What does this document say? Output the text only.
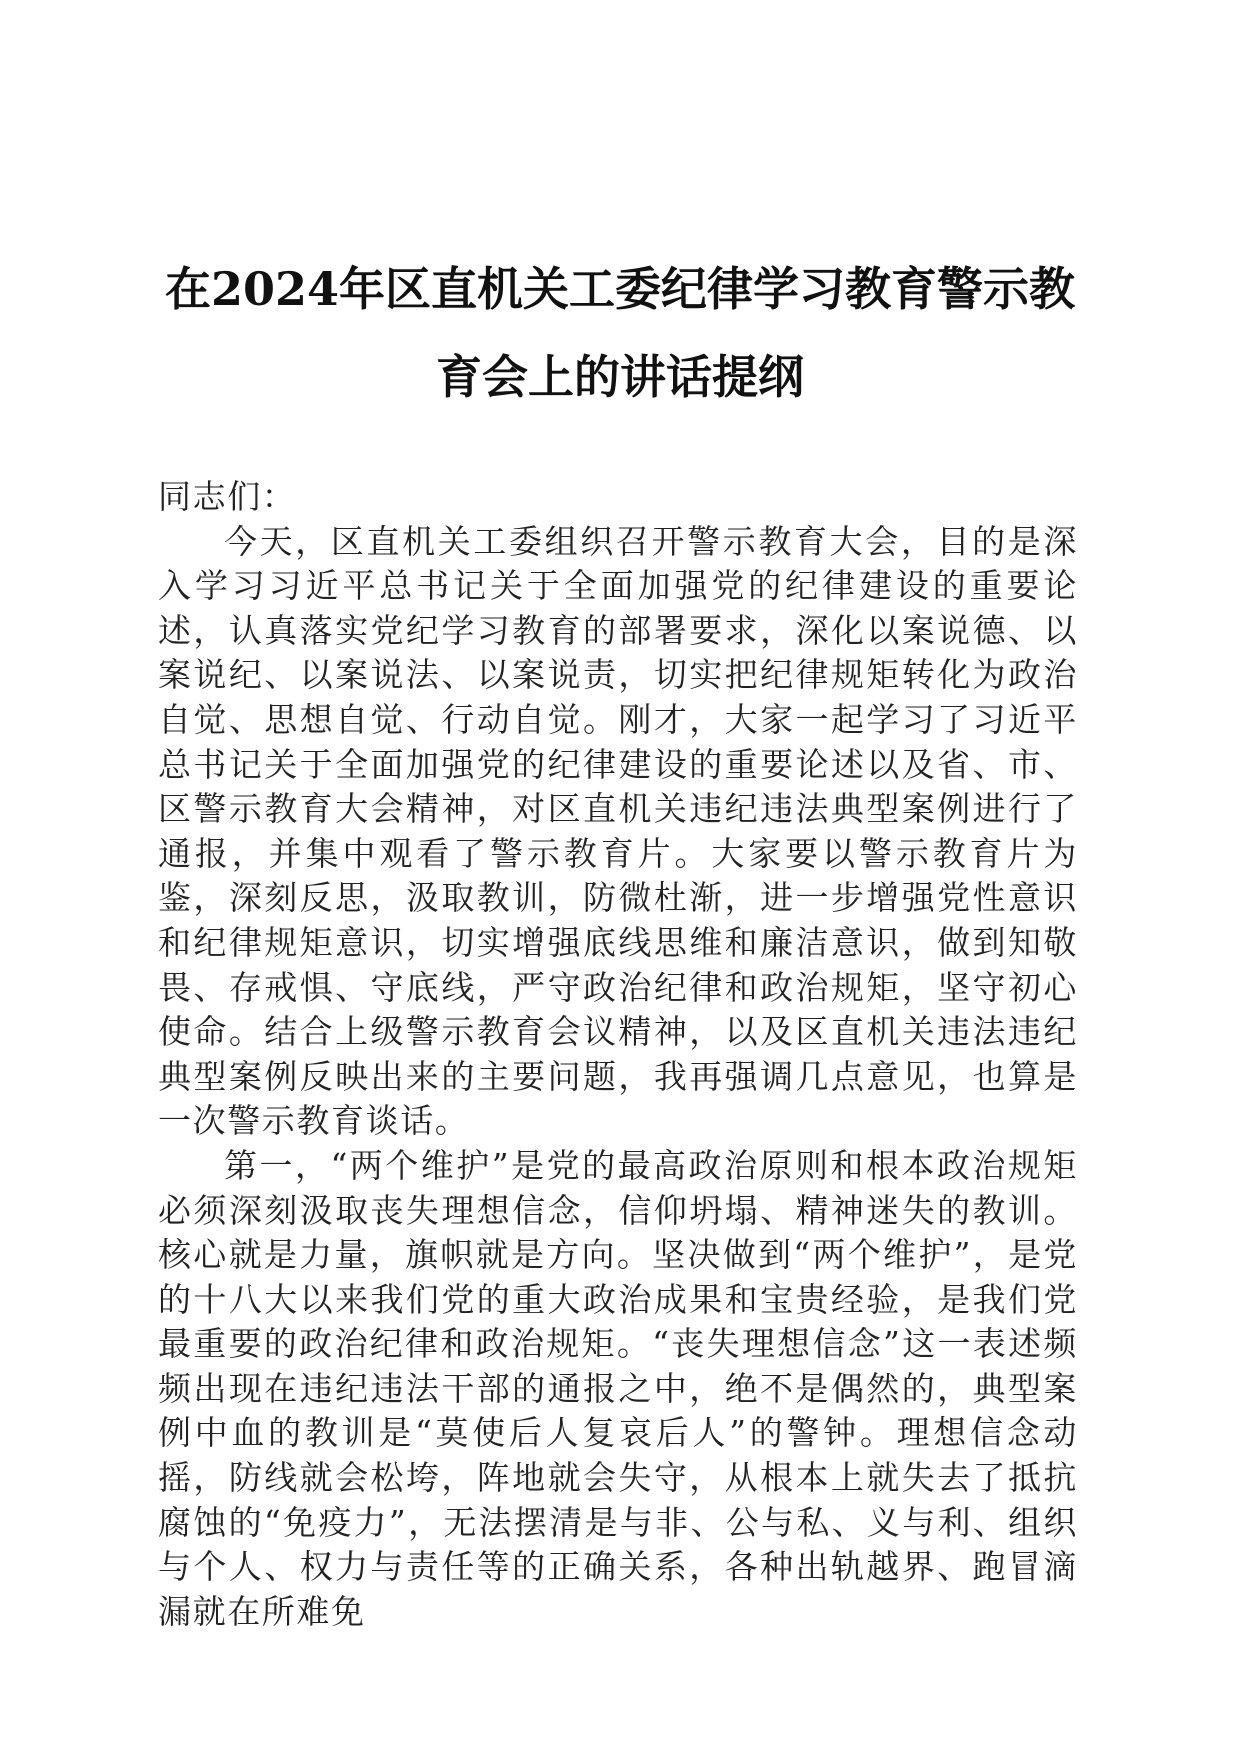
在2024年区直机关工委纪律学习教育警示教
育会上的讲话提纲

同志们：

今天，区直机关工委组织召开警示教育大会，目的是深入学习习近平总书记关于全面加强党的纪律建设的重要论述，认真落实党纪学习教育的部署要求，深化以案说德、以案说纪、以案说法、以案说责，切实把纪律规矩转化为政治自觉、思想自觉、行动自觉。刚才，大家一起学习了习近平总书记关于全面加强党的纪律建设的重要论述以及省、市、区警示教育大会精神，对区直机关违纪违法典型案例进行了通报，并集中观看了警示教育片。大家要以警示教育片为鉴，深刻反思，汲取教训，防微杜渐，进一步增强党性意识和纪律规矩意识，切实增强底线思维和廉洁意识，做到知敬畏、存戒惧、守底线，严守政治纪律和政治规矩，坚守初心使命。结合上级警示教育会议精神，以及区直机关违法违纪典型案例反映出来的主要问题，我再强调几点意见，也算是一次警示教育谈话。

第一，“两个维护”是党的最高政治原则和根本政治规矩必须深刻汲取丧失理想信念，信仰坍塌、精神迷失的教训。核心就是力量，旗帜就是方向。坚决做到“两个维护”，是党的十八大以来我们党的重大政治成果和宝贵经验，是我们党最重要的政治纪律和政治规矩。“丧失理想信念”这一表述频频出现在违纪违法干部的通报之中，绝不是偶然的，典型案例中血的教训是“莫使后人复哀后人”的警钟。理想信念动摇，防线就会松垮，阵地就会失守，从根本上就失去了抵抗腐蚀的“免疫力”，无法摆清是与非、公与私、义与利、组织与个人、权力与责任等的正确关系，各种出轨越界、跑冒滴漏就在所难免
